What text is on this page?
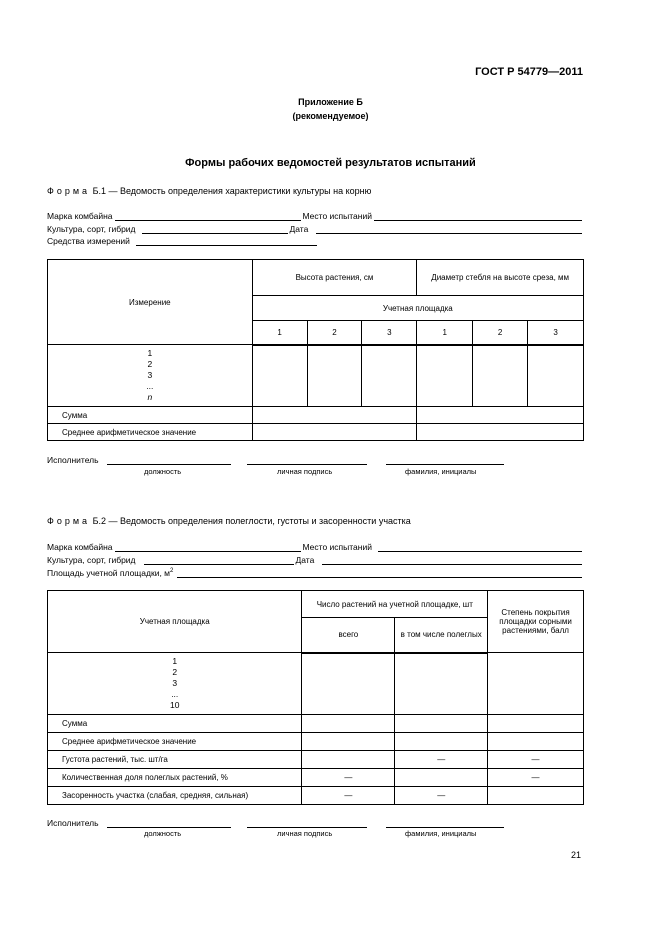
ГОСТ Р 54779—2011
Приложение Б
(рекомендуемое)
Формы рабочих ведомостей результатов испытаний
Форма Б.1 — Ведомость определения характеристики культуры на корню
Марка комбайна	Место испытаний
Культура, сорт, гибрид	Дата
Средства измерений
Измерение	Высота растения, см			Диаметр стебля на высоте среза, мм		
	Учетная площадка					
	1	2	3	1	2	3

1
2
3
...
n						

Сумма						
Среднее арифметическое значение						
Исполнитель
должность	личная подпись	фамилия, инициалы
Форма Б.2 — Ведомость определения полеглости, густоты и засоренности участка
Марка комбайна	Место испытаний
Культура, сорт, гибрид	Дата
Площадь учетной площадки, $м^2$
Учетная площадка	Число растений на учетной площадке, шт		Степень покрытия площадки сорными растениями, балл
	всего	в том числе полеглых	

1
2
3
...
10			

Сумма			
Среднее арифметическое значение			
Густота растений, тыс. шт/га		—	—
Количественная доля полеглых растений, %	—		—
Засоренность участка (слабая, средняя, сильная)	—	—	
Исполнитель
должность	личная подпись	фамилия, инициалы
21
